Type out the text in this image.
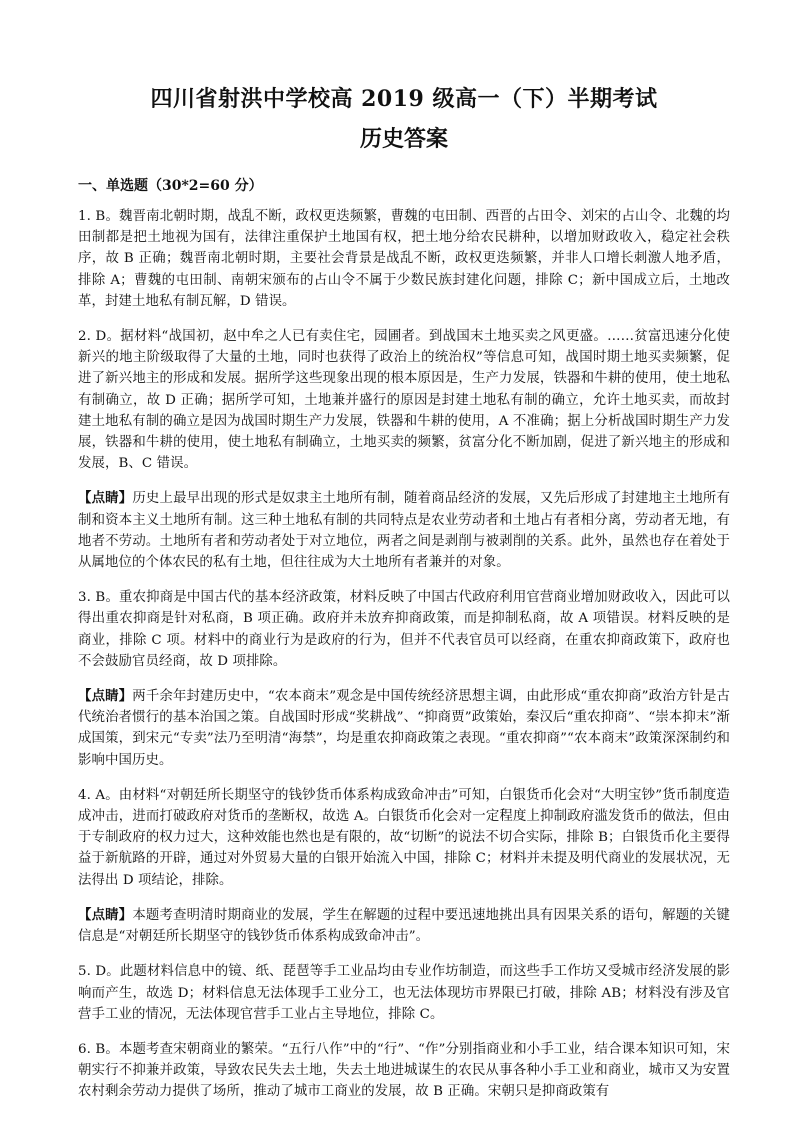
四川省射洪中学校高 2019 级高一（下）半期考试
历史答案
一、单选题（30*2=60 分）

1. B。魏晋南北朝时期，战乱不断，政权更迭频繁，曹魏的屯田制、西晋的占田令、刘宋的占山令、北魏的均田制都是把土地视为国有，法律注重保护土地国有权，把土地分给农民耕种，以增加财政收入，稳定社会秩序，故 B 正确；魏晋南北朝时期，主要社会背景是战乱不断，政权更迭频繁，并非人口增长刺激人地矛盾，排除 A；曹魏的屯田制、南朝宋颁布的占山令不属于少数民族封建化问题，排除 C；新中国成立后，土地改革，封建土地私有制瓦解，D 错误。

2. D。据材料“战国初，赵中牟之人已有卖住宅，园圃者。到战国末土地买卖之风更盛。……贫富迅速分化使新兴的地主阶级取得了大量的土地，同时也获得了政治上的统治权”等信息可知，战国时期土地买卖频繁，促进了新兴地主的形成和发展。据所学这些现象出现的根本原因是，生产力发展，铁器和牛耕的使用，使土地私有制确立，故 D 正确；据所学可知，土地兼并盛行的原因是封建土地私有制的确立，允许土地买卖，而故封建土地私有制的确立是因为战国时期生产力发展，铁器和牛耕的使用，A 不准确；据上分析战国时期生产力发展，铁器和牛耕的使用，使土地私有制确立，土地买卖的频繁，贫富分化不断加剧，促进了新兴地主的形成和发展，B、C 错误。

【点睛】历史上最早出现的形式是奴隶主土地所有制，随着商品经济的发展，又先后形成了封建地主土地所有制和资本主义土地所有制。这三种土地私有制的共同特点是农业劳动者和土地占有者相分离，劳动者无地，有地者不劳动。土地所有者和劳动者处于对立地位，两者之间是剥削与被剥削的关系。此外，虽然也存在着处于从属地位的个体农民的私有土地，但往往成为大土地所有者兼并的对象。

3. B。重农抑商是中国古代的基本经济政策，材料反映了中国古代政府利用官营商业增加财政收入，因此可以得出重农抑商是针对私商，B 项正确。政府并未放弃抑商政策，而是抑制私商，故 A 项错误。材料反映的是商业，排除 C 项。材料中的商业行为是政府的行为，但并不代表官员可以经商，在重农抑商政策下，政府也不会鼓励官员经商，故 D 项排除。

【点睛】两千余年封建历史中，“农本商末”观念是中国传统经济思想主调，由此形成“重农抑商”政治方针是古代统治者惯行的基本治国之策。自战国时形成“奖耕战”、“抑商贾”政策始，秦汉后“重农抑商”、“崇本抑末”渐成国策，到宋元“专卖”法乃至明清“海禁”，均是重农抑商政策之表现。“重农抑商”“农本商末”政策深深制约和影响中国历史。

4. A。由材料“对朝廷所长期坚守的钱钞货币体系构成致命冲击”可知，白银货币化会对“大明宝钞”货币制度造成冲击，进而打破政府对货币的垄断权，故选 A。白银货币化会对一定程度上抑制政府滥发货币的做法，但由于专制政府的权力过大，这种效能也然也是有限的，故“切断”的说法不切合实际，排除 B；白银货币化主要得益于新航路的开辟，通过对外贸易大量的白银开始流入中国，排除 C；材料并未提及明代商业的发展状况，无法得出 D 项结论，排除。

【点睛】本题考查明清时期商业的发展，学生在解题的过程中要迅速地挑出具有因果关系的语句，解题的关键信息是“对朝廷所长期坚守的钱钞货币体系构成致命冲击”。

5. D。此题材料信息中的镜、纸、琵琶等手工业品均由专业作坊制造，而这些手工作坊又受城市经济发展的影响而产生，故选 D；材料信息无法体现手工业分工，也无法体现坊市界限已打破，排除 AB；材料没有涉及官营手工业的情况，无法体现官营手工业占主导地位，排除 C。

6. B。本题考查宋朝商业的繁荣。“五行八作”中的“行”、“作”分别指商业和小手工业，结合课本知识可知，宋朝实行不抑兼并政策，导致农民失去土地，失去土地进城谋生的农民从事各种小手工业和商业，城市又为安置农村剩余劳动力提供了场所，推动了城市工商业的发展，故 B 正确。宋朝只是抑商政策有
